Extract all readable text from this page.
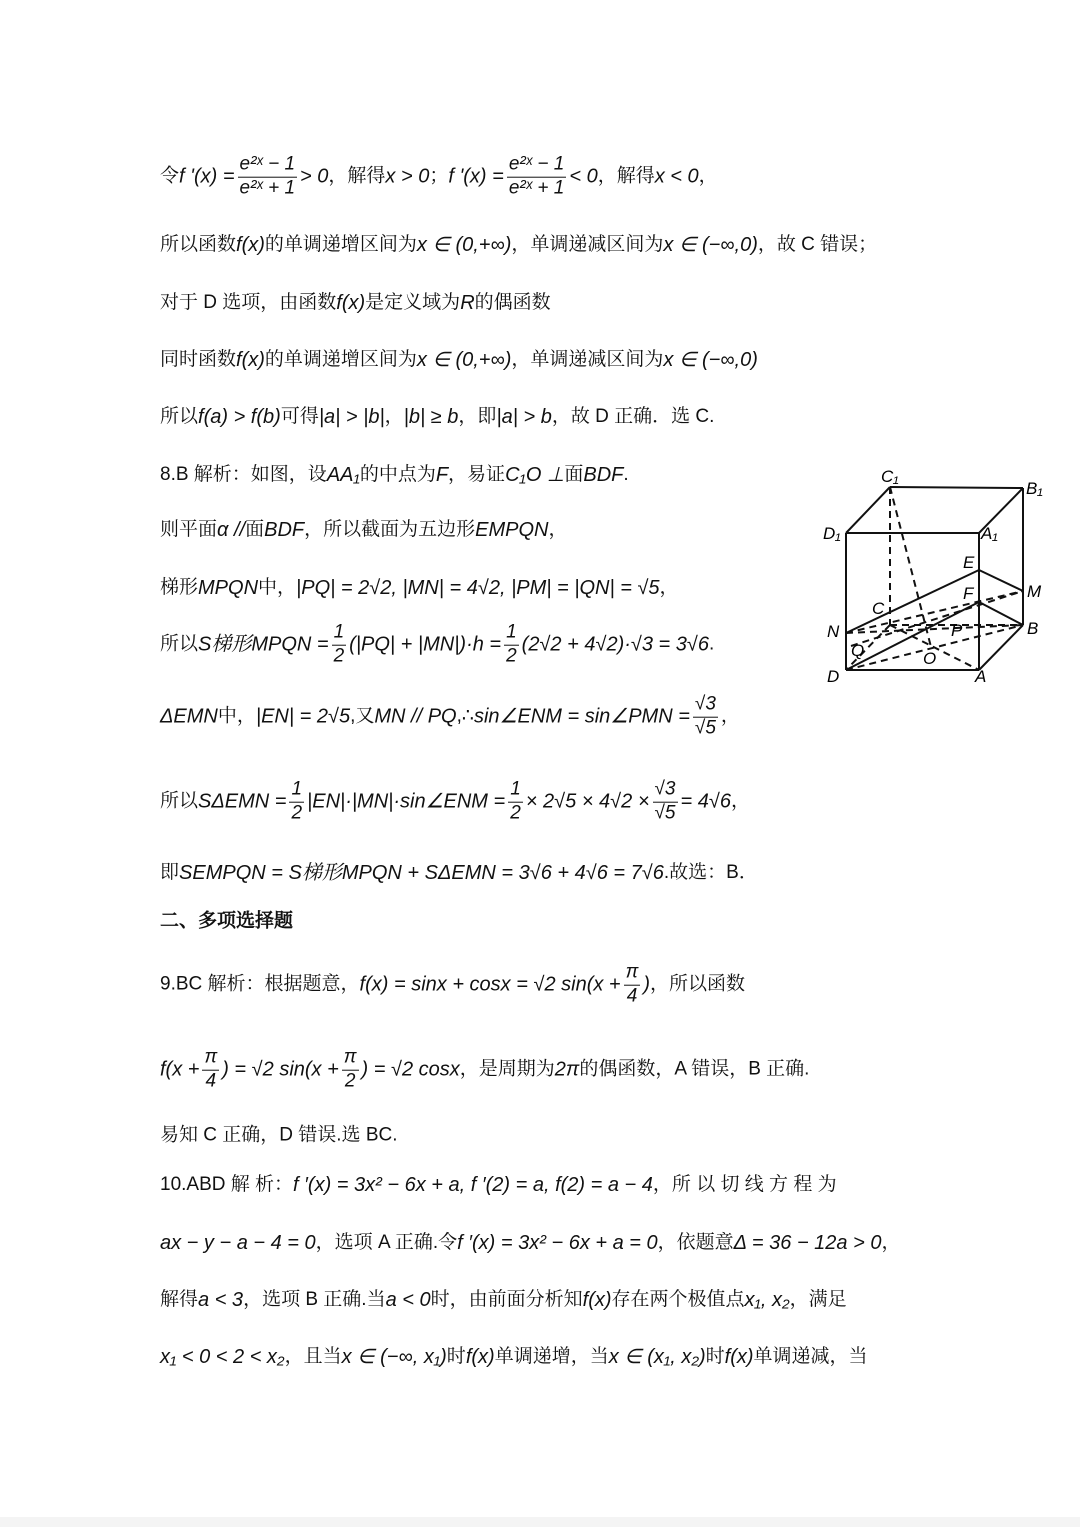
令 f '$(x) = \frac{\text{e²ˣ − 1}}{\text{e²ˣ + 1}} > 0$ ，解得 x > 0 ； f '$(x) = \frac{\text{e²ˣ − 1}}{\text{e²ˣ + 1}} < 0$ ，解得 x < 0 ，
所以函数 f(x) 的单调递增区间为 x ∈ (0,+∞) ，单调递减区间为 x ∈ (−∞,0) ，故 C 错误；
对于 D 选项，由函数 f(x) 是定义域为 R 的偶函数
同时函数 f(x) 的单调递增区间为 x ∈ (0,+∞) ，单调递减区间为 x ∈ (−∞,0)
所以 f(a) > f(b) 可得 |a| > |b| ， |b| ≥ b ，即 |a| > b ，故 D 正确．选 C.
8.B 解析：如图，设 AA₁ 的中点为 F ，易证 C₁O ⊥ 面 BDF .
则平面 α // 面 BDF ，所以截面为五边形 EMPQN ，
梯形 MPQN 中， |PQ| = 2√2, |MN| = 4√2, |PM| = |QN| = √5 ，
所以 S梯形MPQN = $\frac{1}{2} (|PQ| + |MN|)\cdot h = \frac{1}{2} (2√2 + 4√2)\cdot√3 = 3√6$ .
ΔEMN 中， |EN| = 2√5 ,又 MN // PQ ,∴ sin∠ENM = sin∠PMN = $\frac{√3}{√5}$ ，
所以 $S\Delta EMN = \frac{1}{2}$ |EN|·|MN|·sin∠ENM = $\frac{1}{2} \times 2√5 \times 4√2 \times \frac{√3}{√5} = 4√6$ ，
即 SEMPQN = S梯形MPQN + SΔEMN = 3√6 + 4√6 = 7√6 .故选：B．
二、多项选择题
9.BC 解析：根据题意， f(x) = sinx + cosx = √2 sin ( $x + \frac{\pi}{4}$ ) ，所以函数
f( $x + \frac{\pi}{4}$ ) = √2 sin( $x + \frac{\pi}{2}$ ) = √2 cosx ，是周期为 2π 的偶函数，A 错误，B 正确.
易知 C 正确，D 错误.选 BC.
10.ABD 解 析： f ′(x) = 3x² − 6x + a, f ′(2) = a, f(2) = a − 4 ，所 以 切 线 方 程 为
ax − y − a − 4 = 0 ，选项 A 正确.令 f ′(x) = 3x² − 6x + a = 0 ，依题意 Δ = 36 − 12a > 0 ，
解得 a < 3 ，选项 B 正确.当 a < 0 时，由前面分析知 f(x) 存在两个极值点 x₁, x₂ ，满足
x₁ < 0 < 2 < x₂ ，且当 x ∈ (−∞, x₁) 时 f(x) 单调递增，当 x ∈ (x₁, x₂) 时 f(x) 单调递减，当
C₁
B₁
D₁	A₁
E
F	M
C
N
Q
P	B
O
D	A
